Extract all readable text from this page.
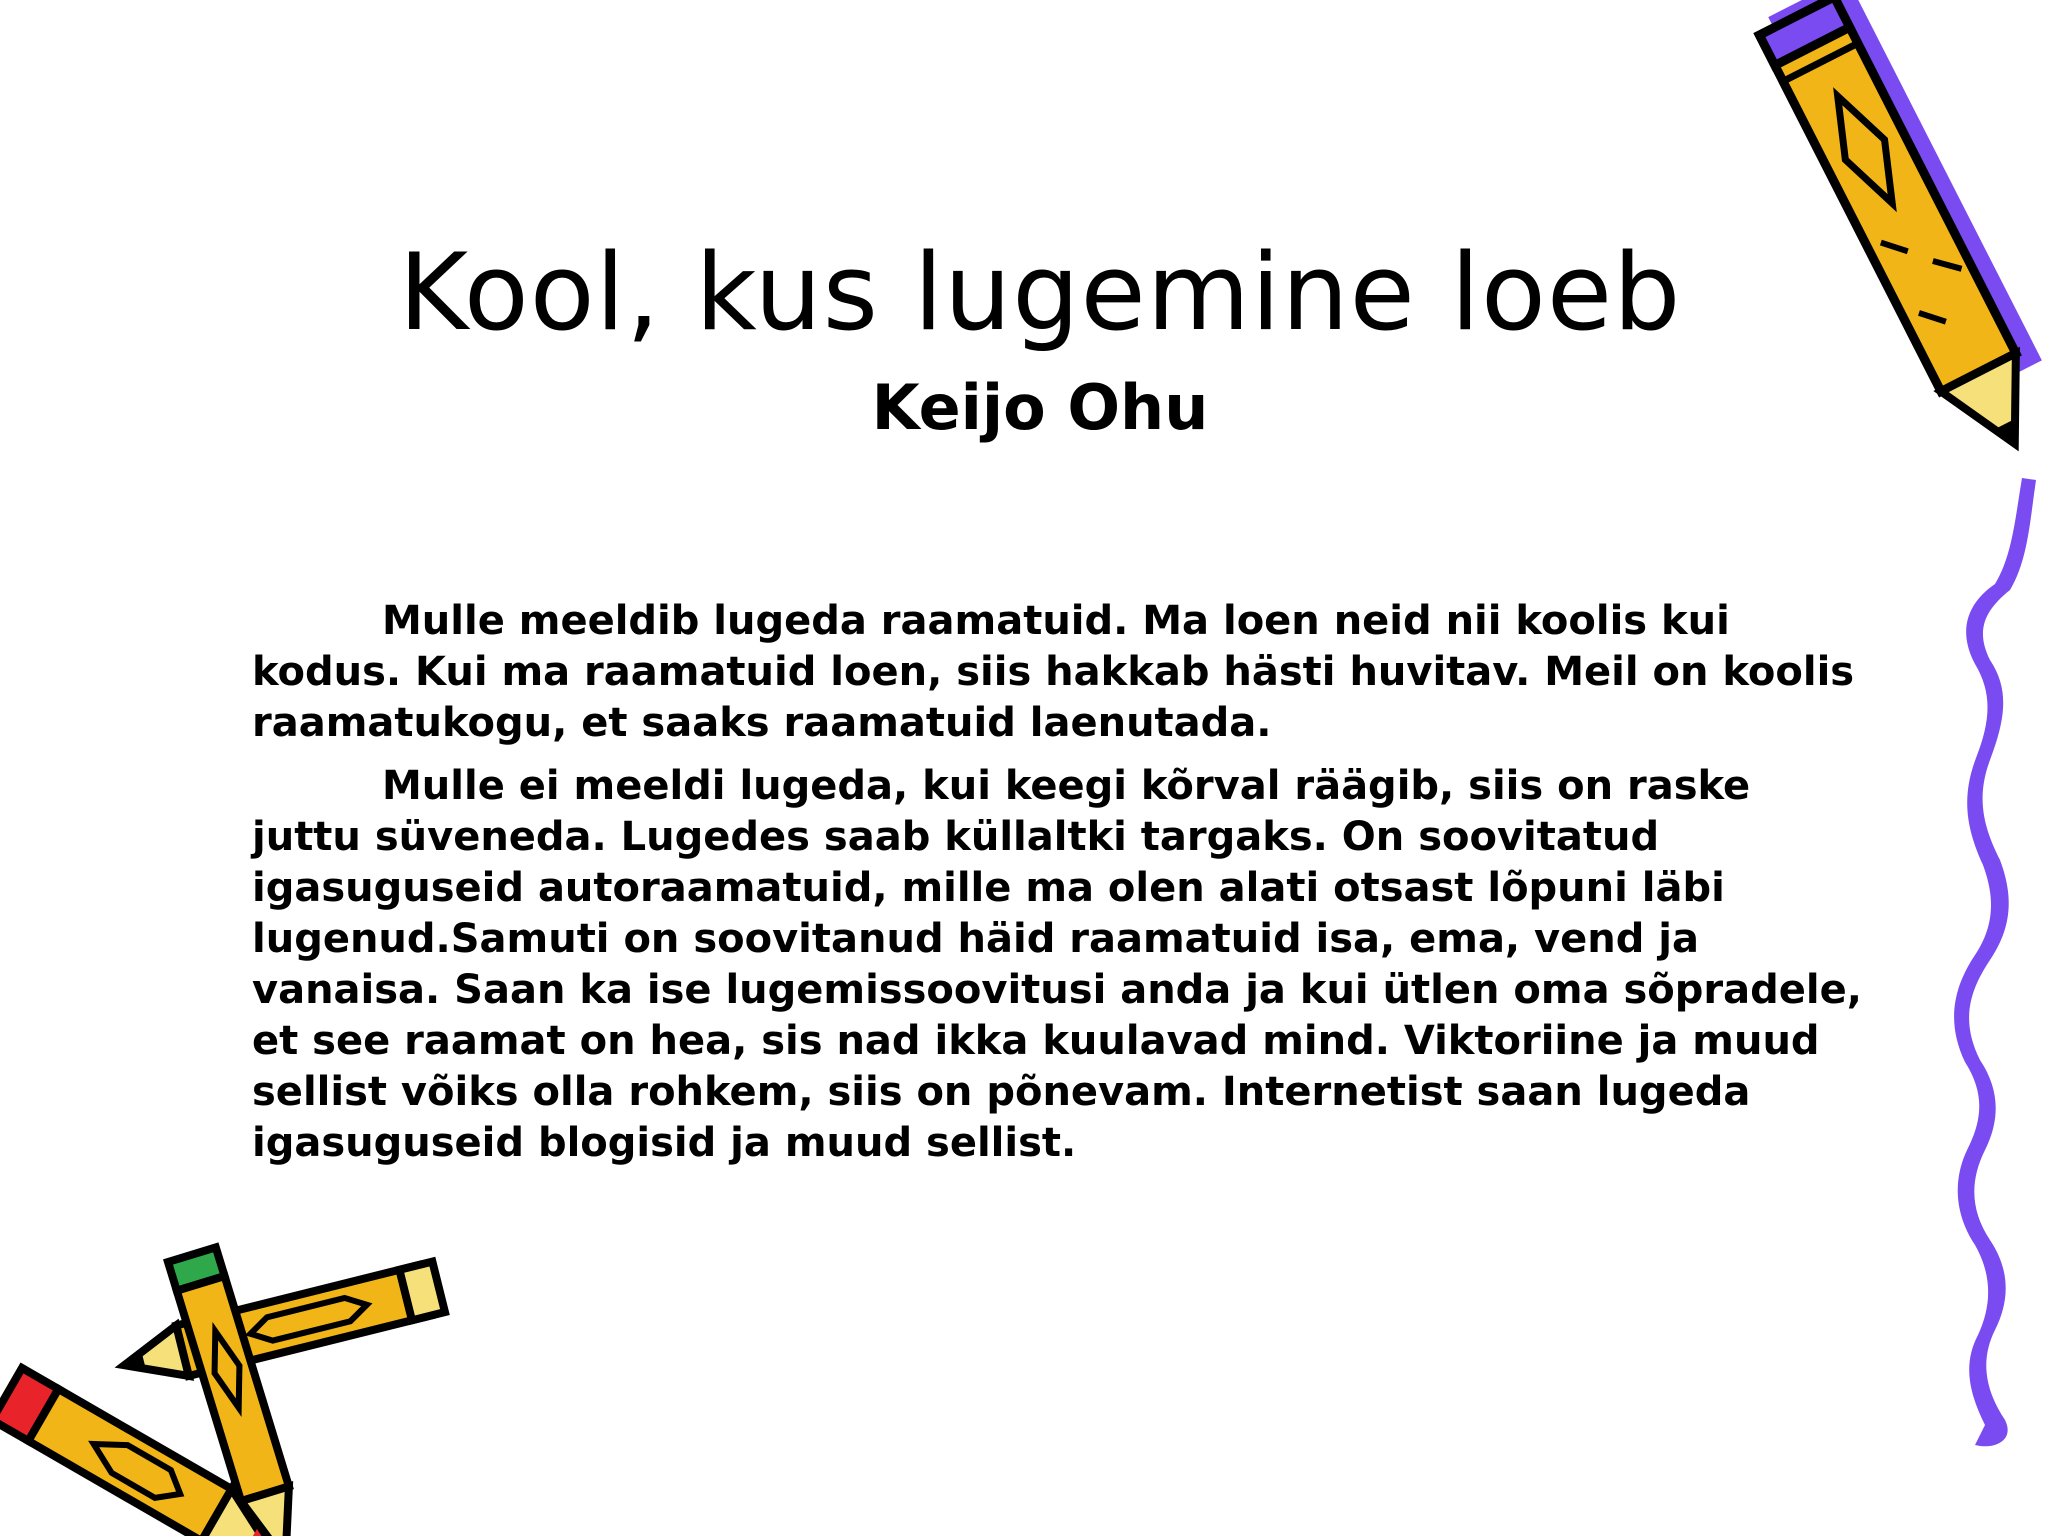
Kool, kus lugemine loeb
Keijo Ohu

Mulle meeldib lugeda raamatuid. Ma loen neid nii koolis kui kodus. Kui ma raamatuid loen, siis hakkab hästi huvitav. Meil on koolis raamatukogu, et saaks raamatuid laenutada.

Mulle ei meeldi lugeda, kui keegi kõrval räägib, siis on raske juttu süveneda. Lugedes saab küllaltki targaks. On soovitatud igasuguseid autoraamatuid, mille ma olen alati otsast lõpuni läbi lugenud.Samuti on soovitanud häid raamatuid isa, ema, vend ja vanaisa. Saan ka ise lugemissoovitusi anda ja kui ütlen oma sõpradele, et see raamat on hea, sis nad ikka kuulavad mind. Viktoriine ja muud sellist võiks olla rohkem, siis on põnevam. Internetist saan lugeda igasuguseid blogisid ja muud sellist.
